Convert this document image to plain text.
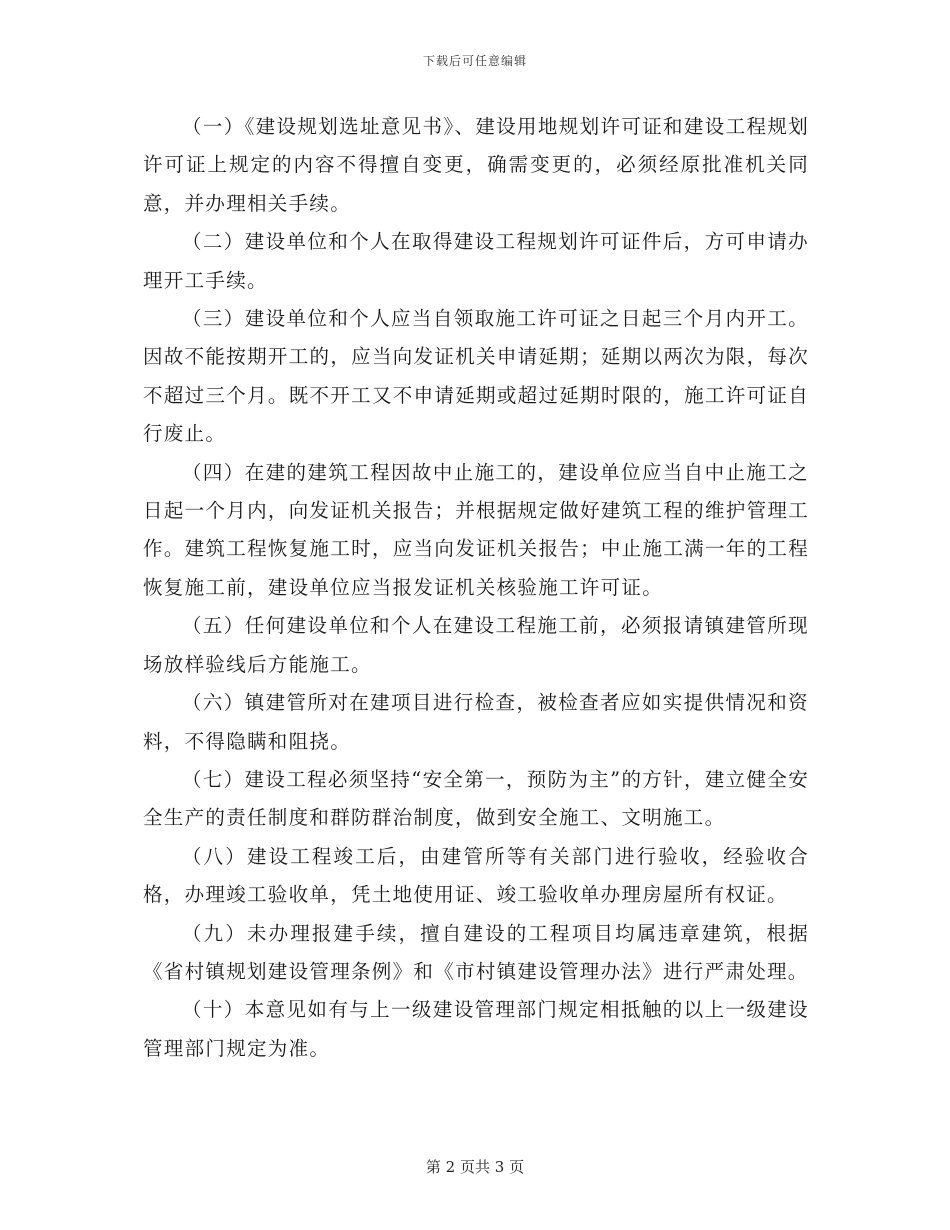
下载后可任意编辑

（一）《建设规划选址意见书》、建设用地规划许可证和建设工程规划许可证上规定的内容不得擅自变更，确需变更的，必须经原批准机关同意，并办理相关手续。

（二）建设单位和个人在取得建设工程规划许可证件后，方可申请办理开工手续。

（三）建设单位和个人应当自领取施工许可证之日起三个月内开工。因故不能按期开工的，应当向发证机关申请延期；延期以两次为限，每次不超过三个月。既不开工又不申请延期或超过延期时限的，施工许可证自行废止。

（四）在建的建筑工程因故中止施工的，建设单位应当自中止施工之日起一个月内，向发证机关报告；并根据规定做好建筑工程的维护管理工作。建筑工程恢复施工时，应当向发证机关报告；中止施工满一年的工程恢复施工前，建设单位应当报发证机关核验施工许可证。

（五）任何建设单位和个人在建设工程施工前，必须报请镇建管所现场放样验线后方能施工。

（六）镇建管所对在建项目进行检查，被检查者应如实提供情况和资料，不得隐瞒和阻挠。

（七）建设工程必须坚持“安全第一，预防为主”的方针，建立健全安全生产的责任制度和群防群治制度，做到安全施工、文明施工。

（八）建设工程竣工后，由建管所等有关部门进行验收，经验收合格，办理竣工验收单，凭土地使用证、竣工验收单办理房屋所有权证。

（九）未办理报建手续，擅自建设的工程项目均属违章建筑，根据《省村镇规划建设管理条例》和《市村镇建设管理办法》进行严肃处理。

（十）本意见如有与上一级建设管理部门规定相抵触的以上一级建设管理部门规定为准。

第 2 页共 3 页
